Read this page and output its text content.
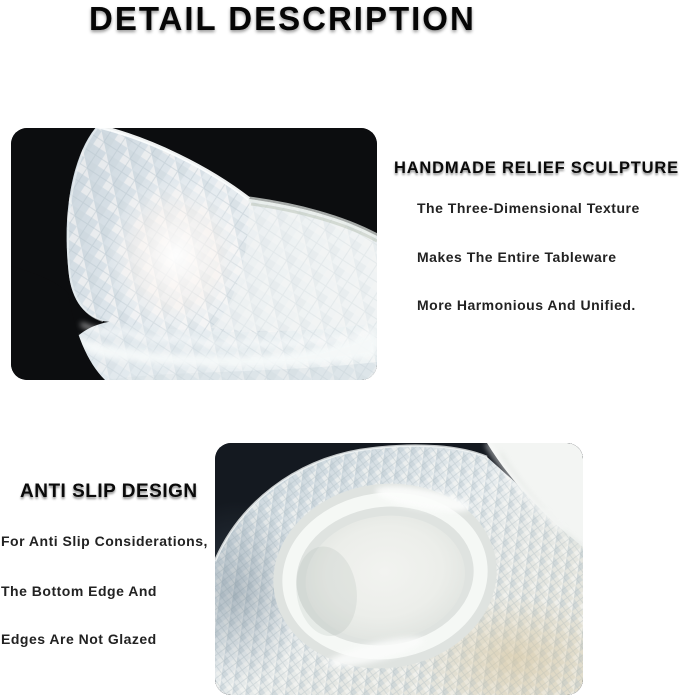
DETAIL DESCRIPTION
HANDMADE RELIEF SCULPTURE

The Three-Dimensional Texture

Makes The Entire Tableware

More Harmonious And Unified.

ANTI SLIP DESIGN

For Anti Slip Considerations,

The Bottom Edge And

Edges Are Not Glazed
